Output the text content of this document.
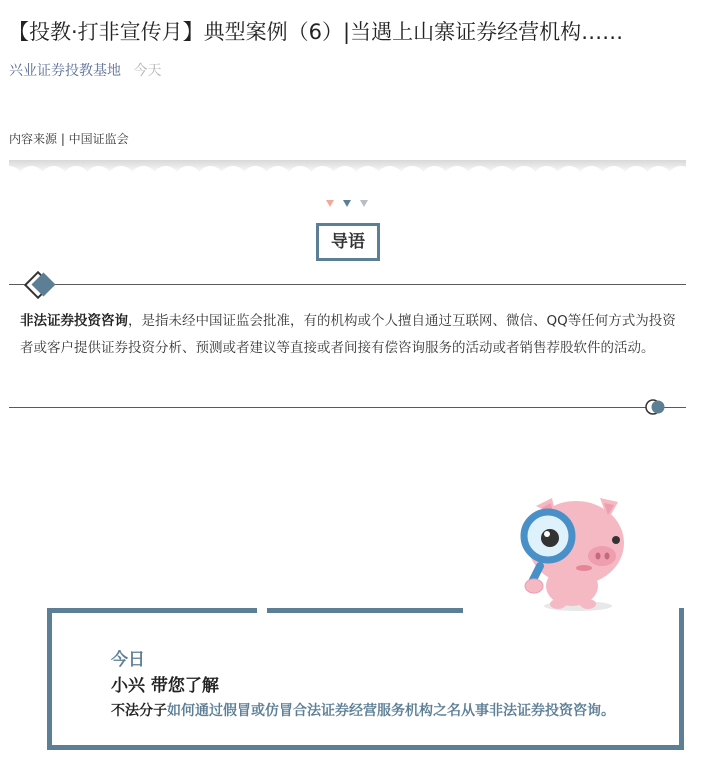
【投教·打非宣传月】典型案例（6）|当遇上山寨证券经营机构……
兴业证券投教基地 今天
内容来源 | 中国证监会
导语
非法证券投资咨询，是指未经中国证监会批准，有的机构或个人擅自通过互联网、微信、QQ等任何方式为投资者或客户提供证券投资分析、预测或者建议等直接或者间接有偿咨询服务的活动或者销售荐股软件的活动。
今日
小兴 带您了解
不法分子如何通过假冒或仿冒合法证券经营服务机构之名从事非法证券投资咨询。
